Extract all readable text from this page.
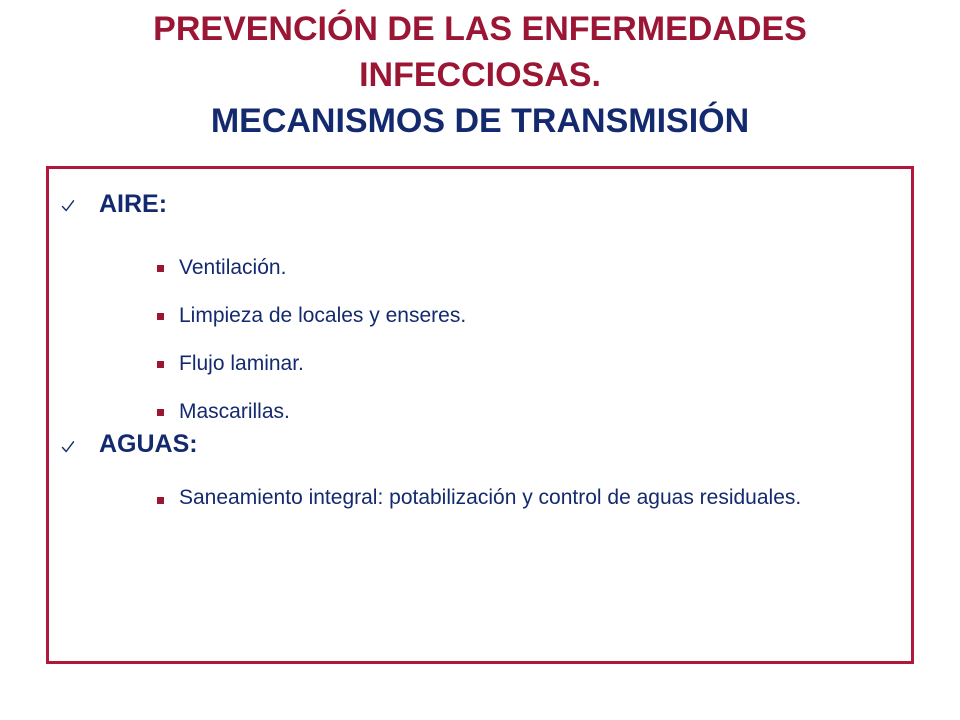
PREVENCIÓN DE LAS ENFERMEDADES

INFECCIOSAS.

MECANISMOS DE TRANSMISIÓN

AIRE:
Ventilación.
Limpieza de locales y enseres.
Flujo laminar.
Mascarillas.
AGUAS:
Saneamiento integral: potabilización y control de aguas residuales.
